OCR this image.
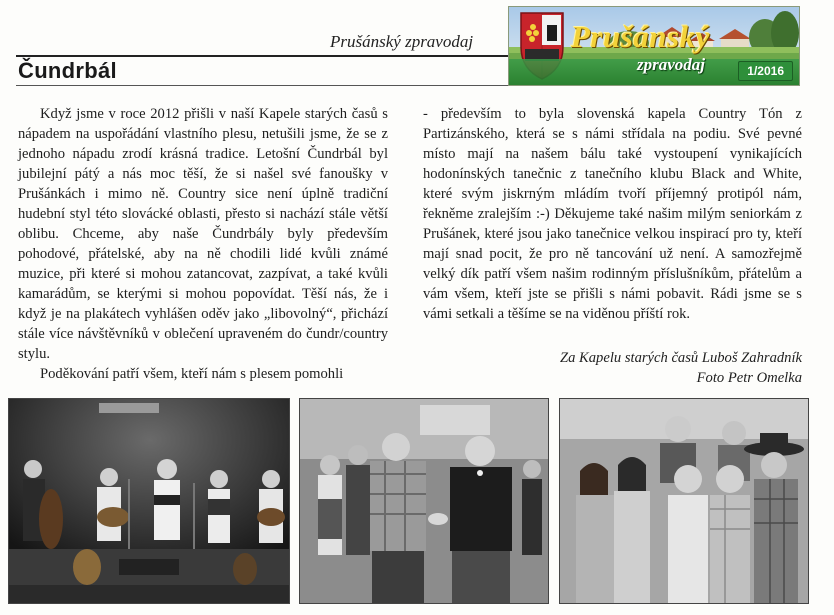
Prušánský zpravodaj
Čundrbál
Prušánský
zpravodaj	1/2016

Když jsme v roce 2012 přišli v naší Kapele starých časů s nápadem na uspořádání vlastního plesu, netušili jsme, že se z jednoho nápadu zrodí krásná tradice. Letošní Čundrbál byl jubilejní pátý a nás moc těší, že si našel své fanoušky v Prušánkách i mimo ně. Country sice není úplně tradiční hudební styl této slovácké oblasti, přesto si nachází stále větší oblibu. Chceme, aby naše Čundrbály byly především pohodové, přátelské, aby na ně chodili lidé kvůli známé muzice, při které si mohou zatancovat, zazpívat, a také kvůli kamarádům, se kterými si mohou popovídat. Těší nás, že i když je na plakátech vyhlášen oděv jako „libovolný“, přichází stále více návštěvníků v oblečení upraveném do čundr/country stylu.

Poděkování patří všem, kteří nám s plesem pomohli

- především to byla slovenská kapela Country Tón z Partizánského, která se s námi střídala na podiu. Své pevné místo mají na našem bálu také vystoupení vynikajících hodonínských tanečnic z tanečního klubu Black and White, které svým jiskrným mládím tvoří příjemný protipól nám, řekněme zralejším :-) Děkujeme také našim milým seniorkám z Prušánek, které jsou jako tanečnice velkou inspirací pro ty, kteří mají snad pocit, že pro ně tancování už není. A samozřejmě velký dík patří všem našim rodinným příslušníkům, přátelům a vám všem, kteří jste se přišli s námi pobavit. Rádi jsme se s vámi setkali a těšíme se na viděnou příští rok.

Za Kapelu starých časů Luboš Zahradník
Foto Petr Omelka
